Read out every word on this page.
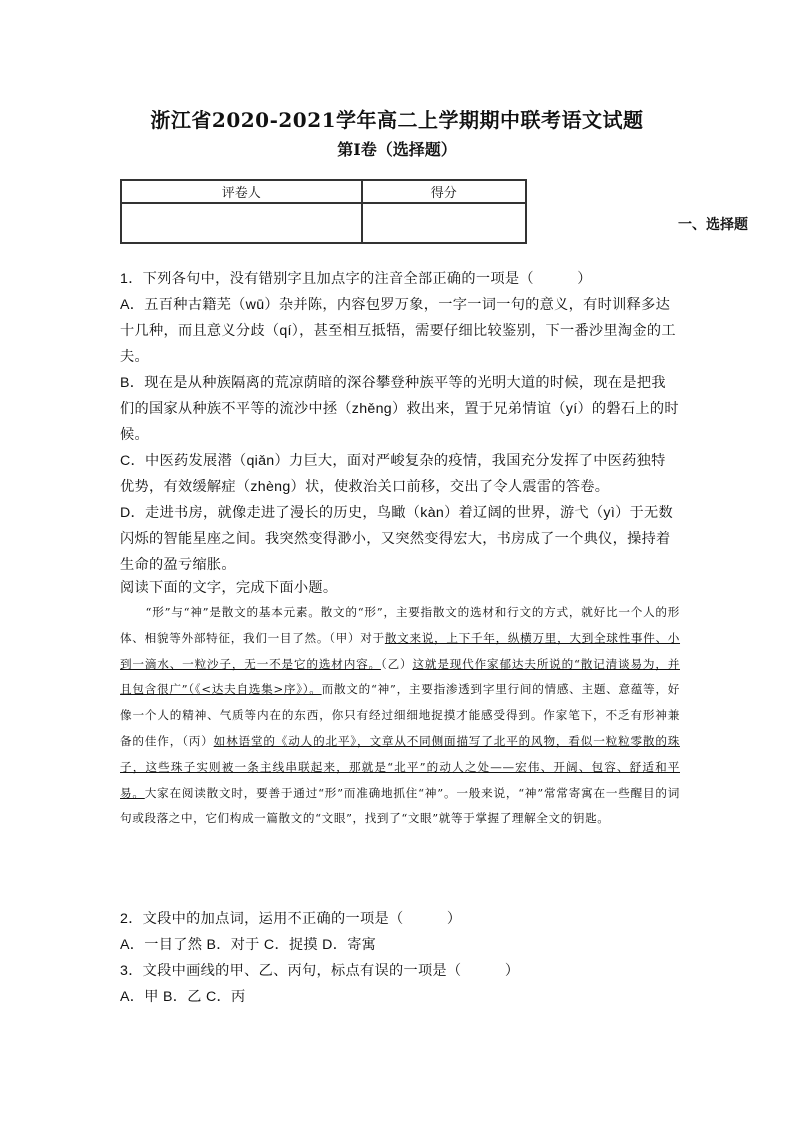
浙江省2020-2021学年高二上学期期中联考语文试题
第I卷（选择题）
评卷人	得分

一、选择题
1．下列各句中，没有错别字且加点字的注音全部正确的一项是（　　　）
A．五百种古籍芜（wū）杂并陈，内容包罗万象，一字一词一句的意义，有时训释多达十几种，而且意义分歧（qí），甚至相互抵牾，需要仔细比较鉴别，下一番沙里淘金的工夫。
B．现在是从种族隔离的荒凉荫暗的深谷攀登种族平等的光明大道的时候，现在是把我们的国家从种族不平等的流沙中拯（zhěng）救出来，置于兄弟情谊（yí）的磐石上的时候。
C．中医药发展潜（qiǎn）力巨大，面对严峻复杂的疫情，我国充分发挥了中医药独特优势，有效缓解症（zhèng）状，使救治关口前移，交出了令人震雷的答卷。
D．走进书房，就像走进了漫长的历史，鸟瞰（kàn）着辽阔的世界，游弋（yì）于无数闪烁的智能星座之间。我突然变得渺小，又突然变得宏大，书房成了一个典仪，操持着生命的盈亏缩胀。
阅读下面的文字，完成下面小题。
“形”与“神”是散文的基本元素。散文的“形”，主要指散文的选材和行文的方式，就好比一个人的形体、相貌等外部特征，我们一目了然。（甲）对于散文来说，上下千年，纵横万里，大到全球性事件、小到一滴水、一粒沙子，无一不是它的选材内容。（乙）这就是现代作家郁达夫所说的“散记清谈易为，并且包含很广”（《<达夫自选集>序》）。而散文的“神”，主要指渗透到字里行间的情感、主题、意蕴等，好像一个人的精神、气质等内在的东西，你只有经过细细地捉摸才能感受得到。作家笔下，不乏有形神兼备的佳作，（丙）如林语堂的《动人的北平》，文章从不同侧面描写了北平的风物，看似一粒粒零散的珠子，这些珠子实则被一条主线串联起来，那就是“北平”的动人之处——宏伟、开阔、包容、舒适和平易。大家在阅读散文时，要善于通过“形”而准确地抓住“神”。一般来说，“神”常常寄寓在一些醒目的词句或段落之中，它们构成一篇散文的“文眼”，找到了“文眼”就等于掌握了理解全文的钥匙。
2．文段中的加点词，运用不正确的一项是（　　　）
A．一目了然 B．对于 C．捉摸 D．寄寓
3．文段中画线的甲、乙、丙句，标点有误的一项是（　　　）
A．甲 B．乙 C．丙
